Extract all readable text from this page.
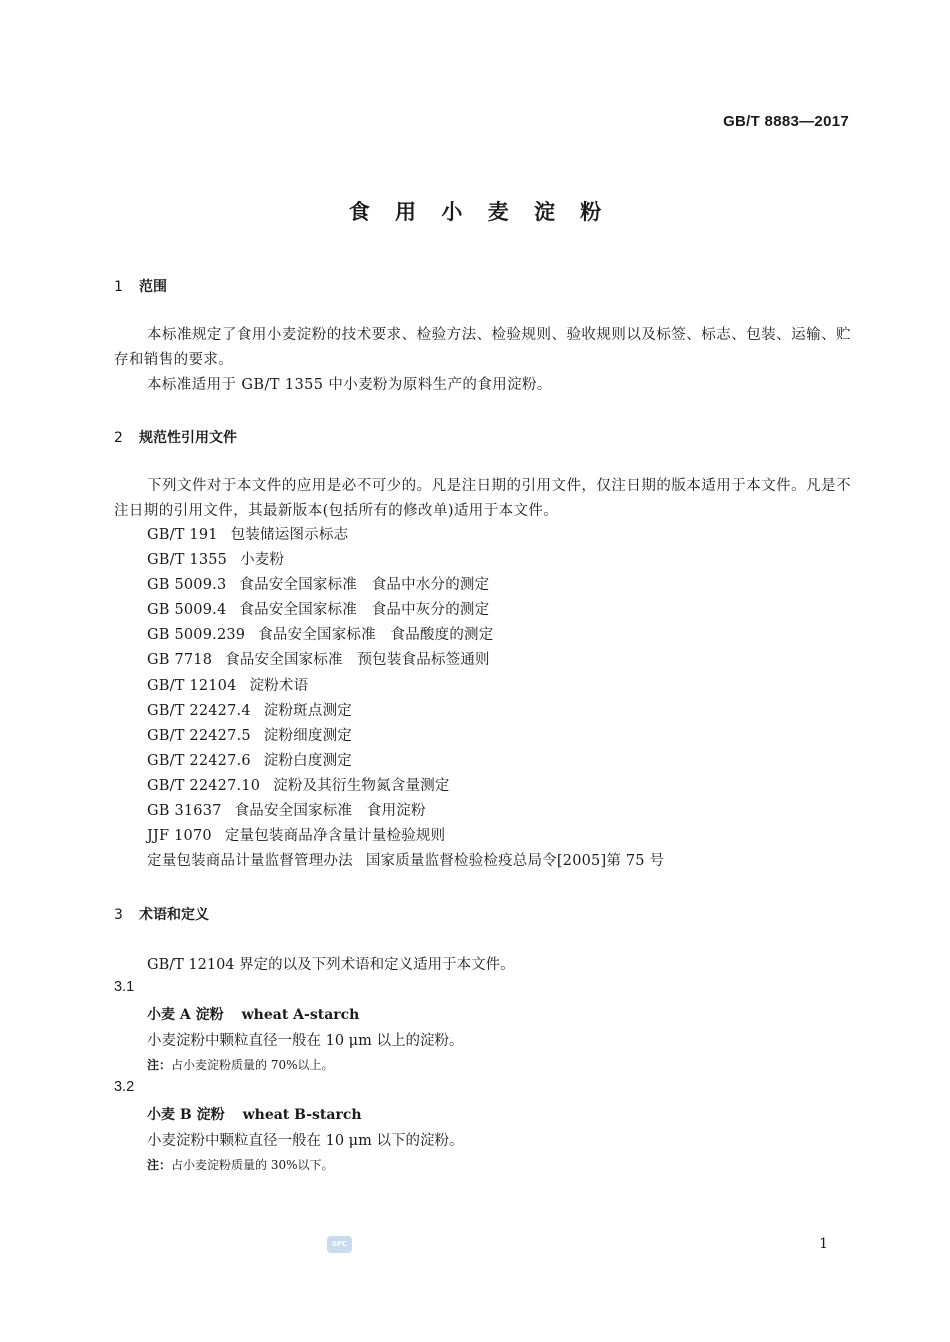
GB/T 8883—2017
食 用 小 麦 淀 粉
1 范围
本标准规定了食用小麦淀粉的技术要求、检验方法、检验规则、验收规则以及标签、标志、包装、运输、贮存和销售的要求。
本标准适用于 GB/T 1355 中小麦粉为原料生产的食用淀粉。
2 规范性引用文件
下列文件对于本文件的应用是必不可少的。凡是注日期的引用文件，仅注日期的版本适用于本文件。凡是不注日期的引用文件，其最新版本(包括所有的修改单)适用于本文件。
GB/T 191 包装储运图示标志
GB/T 1355 小麦粉
GB 5009.3 食品安全国家标准　食品中水分的测定
GB 5009.4 食品安全国家标准　食品中灰分的测定
GB 5009.239 食品安全国家标准　食品酸度的测定
GB 7718 食品安全国家标准　预包装食品标签通则
GB/T 12104 淀粉术语
GB/T 22427.4 淀粉斑点测定
GB/T 22427.5 淀粉细度测定
GB/T 22427.6 淀粉白度测定
GB/T 22427.10 淀粉及其衍生物氮含量测定
GB 31637 食品安全国家标准　食用淀粉
JJF 1070 定量包装商品净含量计量检验规则
定量包装商品计量监督管理办法 国家质量监督检验检疫总局令[2005]第 75 号
3 术语和定义
GB/T 12104 界定的以及下列术语和定义适用于本文件。
3.1
小麦 A 淀粉 wheat A-starch
小麦淀粉中颗粒直径一般在 10 μm 以上的淀粉。
注：占小麦淀粉质量的 70%以上。
3.2
小麦 B 淀粉 wheat B-starch
小麦淀粉中颗粒直径一般在 10 μm 以下的淀粉。
注：占小麦淀粉质量的 30%以下。
SPC	1
